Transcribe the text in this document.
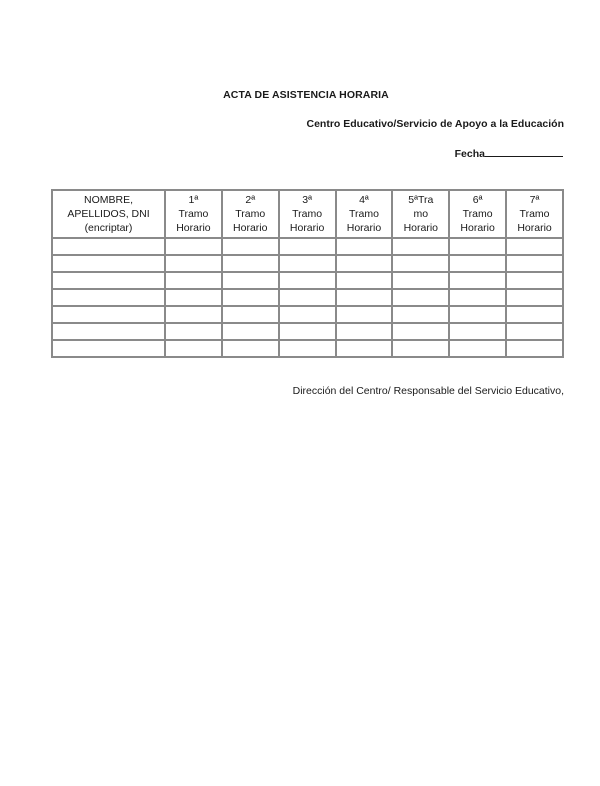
ACTA DE ASISTENCIA HORARIA
Centro Educativo/Servicio de Apoyo a la Educación
Fecha
NOMBRE,
APELLIDOS, DNI
(encriptar)	1ª
Tramo
Horario	2ª
Tramo
Horario	3ª
Tramo
Horario	4ª
Tramo
Horario	5ªTra
mo
Horario	6ª
Tramo
Horario	7ª
Tramo
Horario

Dirección del Centro/ Responsable del Servicio Educativo,
